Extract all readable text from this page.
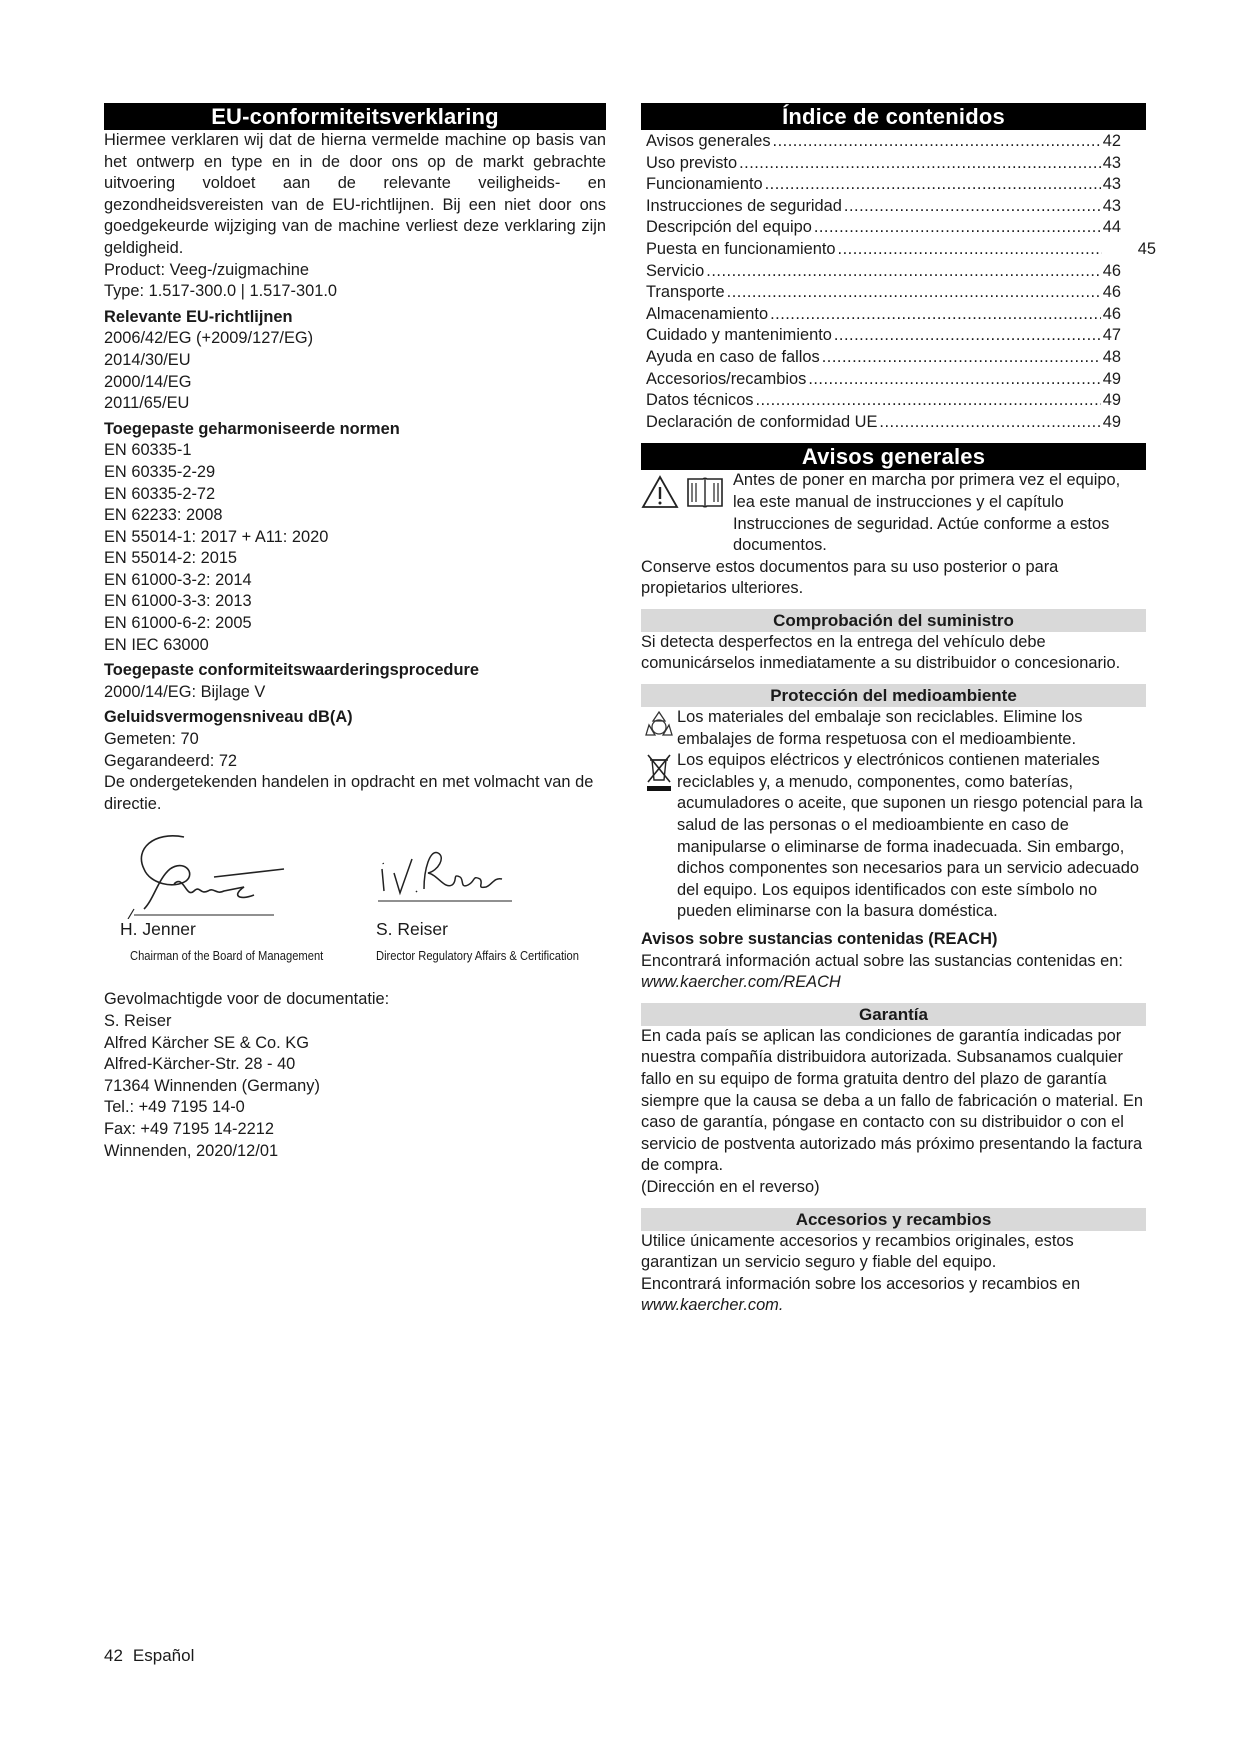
EU-conformiteitsverklaring

Hiermee verklaren wij dat de hierna vermelde machine op basis van het ontwerp en type en in de door ons op de markt gebrachte uitvoering voldoet aan de relevante veiligheids- en gezondheidsvereisten van de EU-richtlijnen. Bij een niet door ons goedgekeurde wijziging van de machine verliest deze verklaring zijn geldigheid.

Product: Veeg-/zuigmachine

Type: 1.517-300.0 | 1.517-301.0

Relevante EU-richtlijnen

2006/42/EG (+2009/127/EG)

2014/30/EU

2000/14/EG

2011/65/EU

Toegepaste geharmoniseerde normen

EN 60335-1

EN 60335-2-29

EN 60335-2-72

EN 62233: 2008

EN 55014-1: 2017 + A11: 2020

EN 55014-2: 2015

EN 61000-3-2: 2014

EN 61000-3-3: 2013

EN 61000-6-2: 2005

EN IEC 63000

Toegepaste conformiteitswaarderingsprocedure

2000/14/EG: Bijlage V

Geluidsvermogensniveau dB(A)

Gemeten: 70

Gegarandeerd: 72

De ondergetekenden handelen in opdracht en met volmacht van de directie.

H. Jenner
Chairman of the Board of Management
S. Reiser
Director Regulatory Affairs & Certification

Gevolmachtigde voor de documentatie:

S. Reiser

Alfred Kärcher SE & Co. KG

Alfred-Kärcher-Str. 28 - 40

71364 Winnenden (Germany)

Tel.: +49 7195 14-0

Fax: +49 7195 14-2212

Winnenden, 2020/12/01

Índice de contenidos
Avisos generales .....	42
Uso previsto .....	43
Funcionamiento .....	43
Instrucciones de seguridad .....	43
Descripción del equipo .....	44
Puesta en funcionamiento .....	45
Servicio .....	46
Transporte .....	46
Almacenamiento .....	46
Cuidado y mantenimiento .....	47
Ayuda en caso de fallos .....	48
Accesorios/recambios .....	49
Datos técnicos .....	49
Declaración de conformidad UE .....	49
Avisos generales

Antes de poner en marcha por primera vez el equipo, lea este manual de instrucciones y el capítulo Instrucciones de seguridad. Actúe conforme a estos documentos.

Conserve estos documentos para su uso posterior o para propietarios ulteriores.

Comprobación del suministro

Si detecta desperfectos en la entrega del vehículo debe comunicárselos inmediatamente a su distribuidor o concesionario.

Protección del medioambiente

Los materiales del embalaje son reciclables. Elimine los embalajes de forma respetuosa con el medioambiente.

Los equipos eléctricos y electrónicos contienen materiales reciclables y, a menudo, componentes, como baterías, acumuladores o aceite, que suponen un riesgo potencial para la salud de las personas o el medioambiente en caso de manipularse o eliminarse de forma inadecuada. Sin embargo, dichos componentes son necesarios para un servicio adecuado del equipo. Los equipos identificados con este símbolo no pueden eliminarse con la basura doméstica.

Avisos sobre sustancias contenidas (REACH)

Encontrará información actual sobre las sustancias contenidas en: www.kaercher.com/REACH

Garantía

En cada país se aplican las condiciones de garantía indicadas por nuestra compañía distribuidora autorizada. Subsanamos cualquier fallo en su equipo de forma gratuita dentro del plazo de garantía siempre que la causa se deba a un fallo de fabricación o material. En caso de garantía, póngase en contacto con su distribuidor o con el servicio de postventa autorizado más próximo presentando la factura de compra.

(Dirección en el reverso)

Accesorios y recambios

Utilice únicamente accesorios y recambios originales, estos garantizan un servicio seguro y fiable del equipo.

Encontrará información sobre los accesorios y recambios en

www.kaercher.com.

42 Español
